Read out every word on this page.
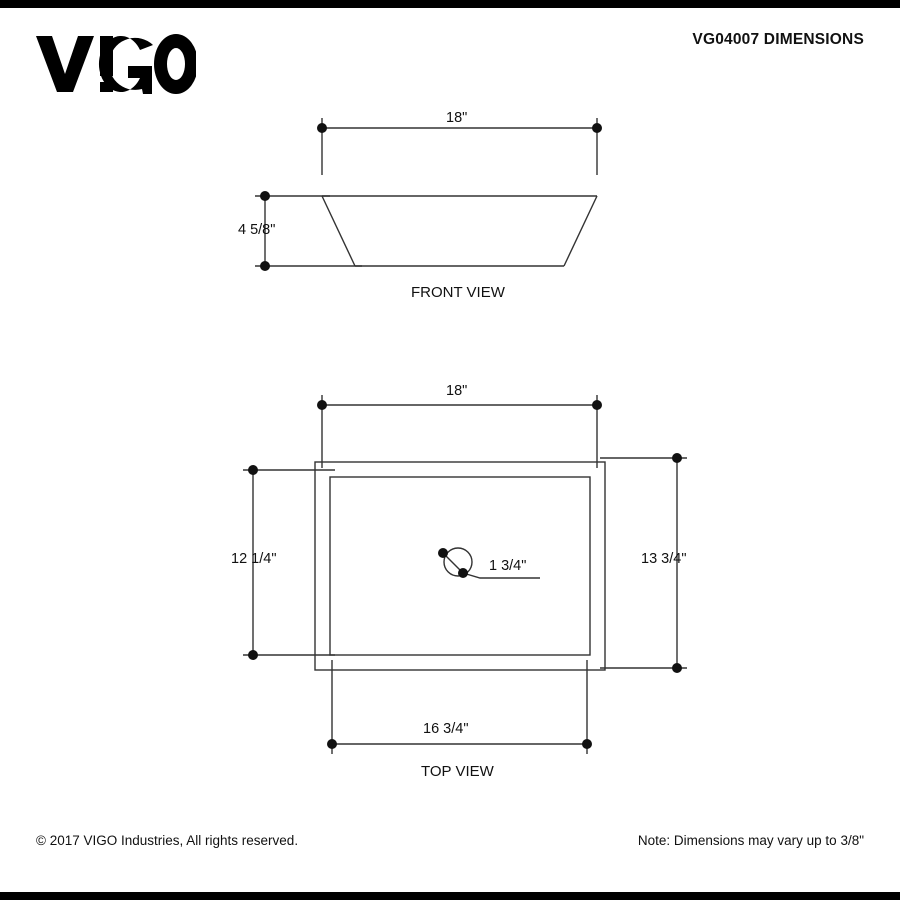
VG04007 DIMENSIONS
18"
4 5/8"
18"
12 1/4"	13 3/4"
16 3/4"
1 3/4"
FRONT VIEW
TOP VIEW
© 2017 VIGO Industries, All rights reserved.	Note: Dimensions may vary up to 3/8"
